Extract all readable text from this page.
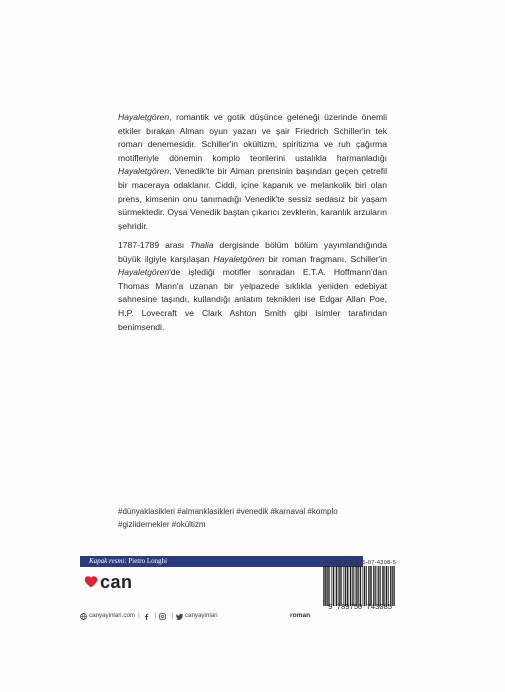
Hayaletgören, romantik ve gotik düşünce geleneği üzerinde önemli etkiler bırakan Alman oyun yazarı ve şair Friedrich Schiller'in tek roman denemesidir. Schiller'in okültizm, spiritizma ve ruh çağırma motifleriyle dönemin komplo teorilerini ustalıkla harmanladığı Hayaletgören, Venedik'te bir Alman prensinin başından geçen çetrefil bir maceraya odaklanır. Ciddi, içine kapanık ve melankolik biri olan prens, kimsenin onu tanımadığı Venedik'te sessiz sedasız bir yaşam sürmektedir. Oysa Venedik baştan çıkarıcı zevklerin, karanlık arzuların şehridir.
1787-1789 arası Thalia dergisinde bölüm bölüm yayımlandığında büyük ilgiyle karşılaşan Hayaletgören bir roman fragmanı. Schiller'in Hayaletgören'de işlediği motifler sonradan E.T.A. Hoffmann'dan Thomas Mann'a uzanan bir yelpazede sıklıkla yeniden edebiyat sahnesine taşındı, kullandığı anlatım teknikleri ise Edgar Allan Poe, H.P. Lovecraft ve Clark Ashton Smith gibi isimler tarafından benimsendi.
#dünyaklasikleri #almanklasikleri #venedik #karnaval #komplo
#gizlidernekler #okültizm
Kapak resmi: Pietro Longhi
can
canyayinlari.com | | | canyayinlari	roman
ISBN 978-975-07-4308-5
9 789750 743085
